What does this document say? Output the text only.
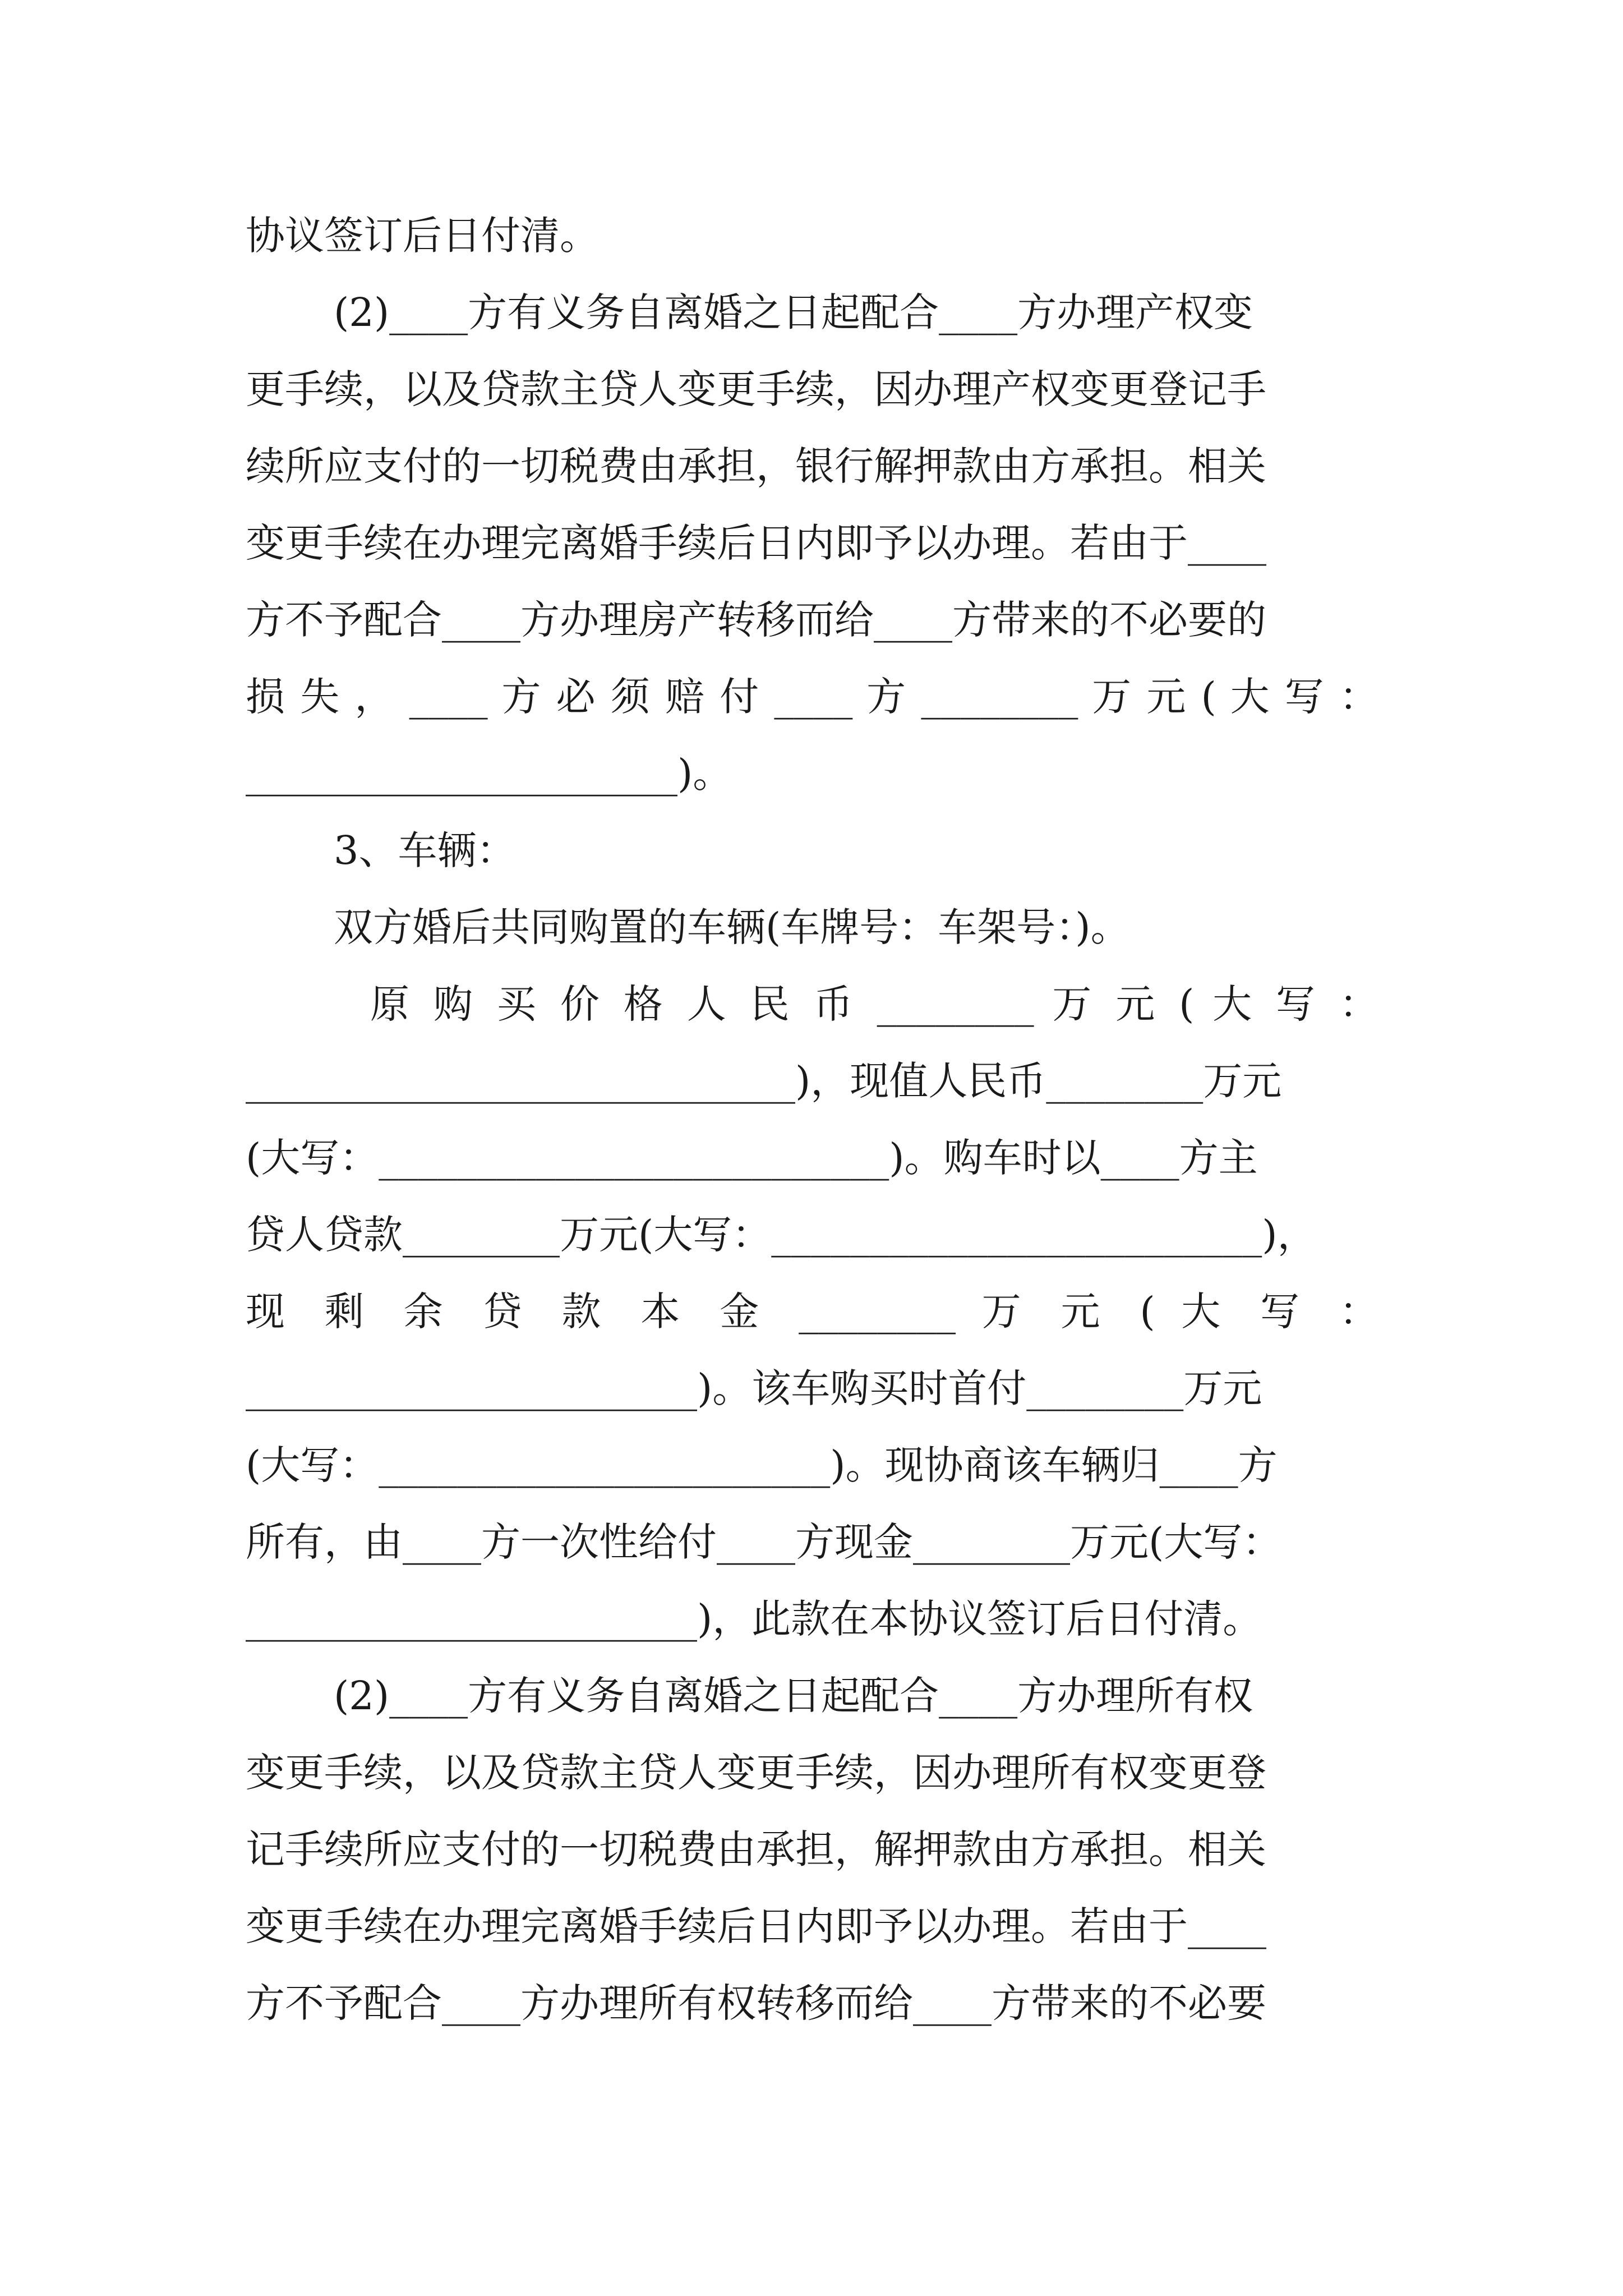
协议签订后日付清。
(2)____方有义务自离婚之日起配合____方办理产权变
更手续，以及贷款主贷人变更手续，因办理产权变更登记手
续所应支付的一切税费由承担，银行解押款由方承担。相关
变更手续在办理完离婚手续后日内即予以办理。若由于____
方不予配合____方办理房产转移而给____方带来的不必要的
损 失 ， ____ 方 必 须 赔 付 ____ 方 ________ 万 元 ( 大 写 ：
______________________)。
3、车辆：
双方婚后共同购置的车辆(车牌号：车架号：)。
原 购 买 价 格 人 民 币 ________ 万 元 ( 大 写 ：
____________________________)，现值人民币________万元
(大写：__________________________)。购车时以____方主
贷人贷款________万元(大写：_________________________)，
现 剩 余 贷 款 本 金 ________ 万 元 ( 大 写 ：
_______________________)。该车购买时首付________万元
(大写：_______________________)。现协商该车辆归____方
所有，由____方一次性给付____方现金________万元(大写：
_______________________)，此款在本协议签订后日付清。
(2)____方有义务自离婚之日起配合____方办理所有权
变更手续，以及贷款主贷人变更手续，因办理所有权变更登
记手续所应支付的一切税费由承担，解押款由方承担。相关
变更手续在办理完离婚手续后日内即予以办理。若由于____
方不予配合____方办理所有权转移而给____方带来的不必要
